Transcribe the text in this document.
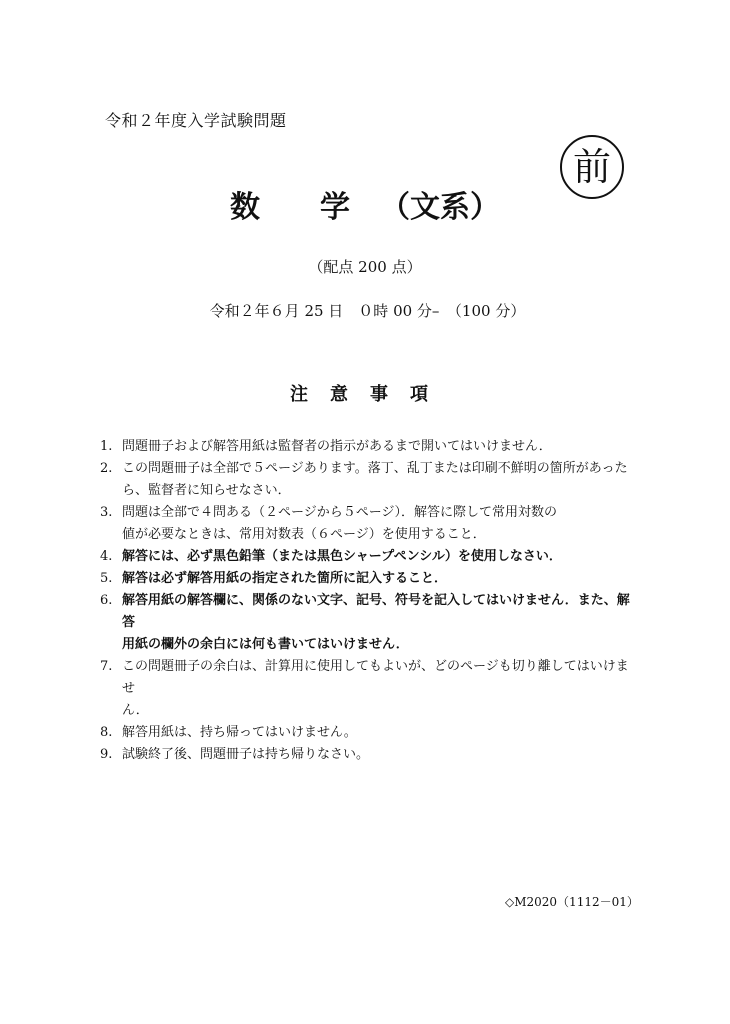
令和２年度入学試験問題
前
数 学 （文系）
（配点 200 点）
令和２年６月 25 日　０時 00 分–　（100 分）
注意事項
1. 問題冊子および解答用紙は監督者の指示があるまで開いてはいけません．
2. この問題冊子は全部で５ページあります。落丁、乱丁または印刷不鮮明の箇所があった
ら、監督者に知らせなさい．
3. 問題は全部で４問ある（２ページから５ページ）．解答に際して常用対数の
値が必要なときは、常用対数表（６ページ）を使用すること．
4. 解答には、必ず黒色鉛筆（または黒色シャープペンシル）を使用しなさい．
5. 解答は必ず解答用紙の指定された箇所に記入すること．
6. 解答用紙の解答欄に、関係のない文字、記号、符号を記入してはいけません．また、解答
用紙の欄外の余白には何も書いてはいけません．
7. この問題冊子の余白は、計算用に使用してもよいが、どのページも切り離してはいけませ
ん．
8. 解答用紙は、持ち帰ってはいけません。
9. 試験終了後、問題冊子は持ち帰りなさい。
◇M2020（1112－01）
